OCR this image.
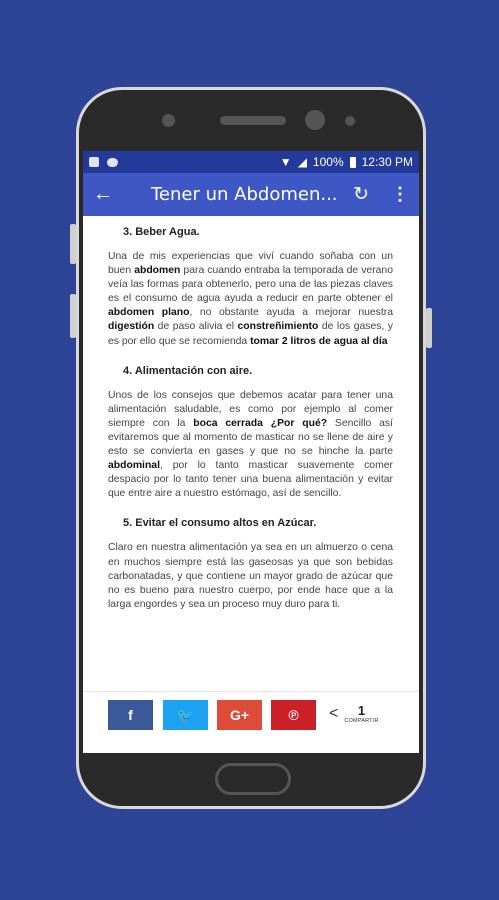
▼ ◢ 100% 12:30 PM
← Tener un Abdomen... ↻ ⋮
3. Beber Agua.

Una de mis experiencias que viví cuando soñaba con un buen abdomen para cuando entraba la temporada de verano veía las formas para obtenerlo, pero una de las piezas claves es el consumo de agua ayuda a reducir en parte obtener el abdomen plano, no obstante ayuda a mejorar nuestra digestión de paso alivia el constreñimiento de los gases, y es por ello que se recomienda tomar 2 litros de agua al día

4. Alimentación con aire.

Unos de los consejos que debemos acatar para tener una alimentación saludable, es como por ejemplo al comer siempre con la boca cerrada ¿Por qué? Sencillo así evitaremos que al momento de masticar no se llene de aire y esto se convierta en gases y que no se hinche la parte abdominal, por lo tanto masticar suavemente comer despacio por lo tanto tener una buena alimentación y evitar que entre aire a nuestro estómago, así de sencillo.

5. Evitar el consumo altos en Azúcar.

Claro en nuestra alimentación ya sea en un almuerzo o cena en muchos siempre está las gaseosas ya que son bebidas carbonatadas, y que contiene un mayor grado de azúcar que no es bueno para nuestro cuerpo, por ende hace que a la larga engordes y sea un proceso muy duro para ti.

f	🐦	G+	℗ < 1
COMPARTIR
